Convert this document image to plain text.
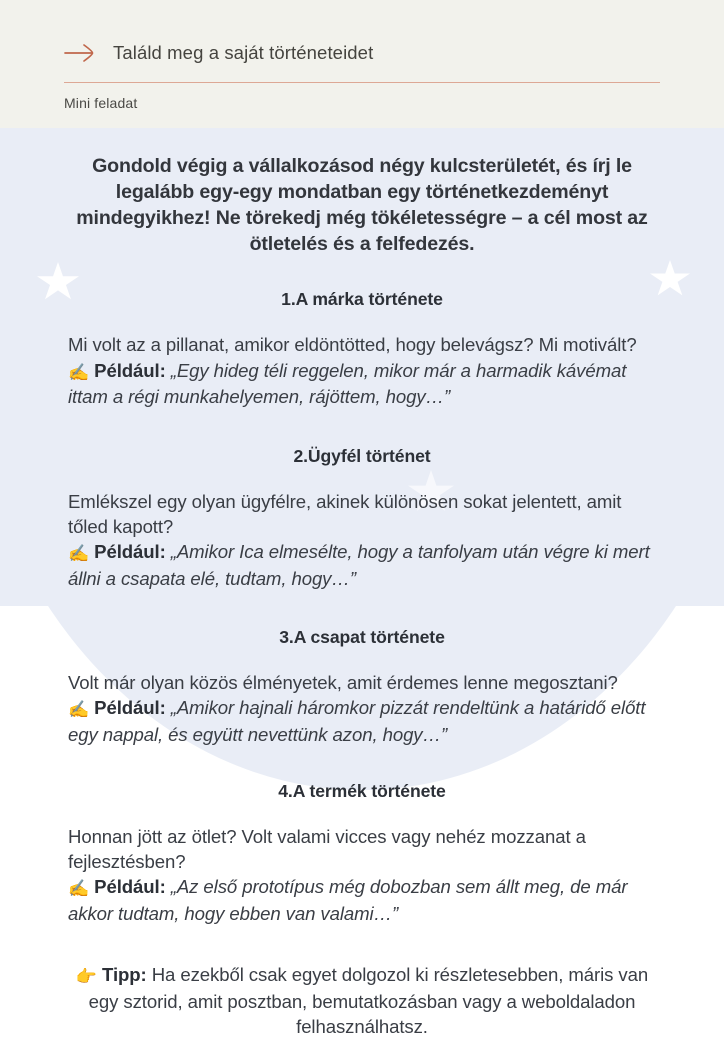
Találd meg a saját történeteidet
Mini feladat

Gondold végig a vállalkozásod négy kulcsterületét, és írj le legalább egy-egy mondatban egy történetkezdeményt mindegyikhez! Ne törekedj még tökéletességre – a cél most az ötletelés és a felfedezés.

1.A márka története
Mi volt az a pillanat, amikor eldöntötted, hogy belevágsz? Mi motivált?
✍️ Például: „Egy hideg téli reggelen, mikor már a harmadik kávémat ittam a régi munkahelyemen, rájöttem, hogy…”
2.Ügyfél történet
Emlékszel egy olyan ügyfélre, akinek különösen sokat jelentett, amit tőled kapott?
✍️ Például: „Amikor Ica elmesélte, hogy a tanfolyam után végre ki mert állni a csapata elé, tudtam, hogy…”
3.A csapat története
Volt már olyan közös élményetek, amit érdemes lenne megosztani?
✍️ Például: „Amikor hajnali háromkor pizzát rendeltünk a határidő előtt egy nappal, és együtt nevettünk azon, hogy…”
4.A termék története
Honnan jött az ötlet? Volt valami vicces vagy nehéz mozzanat a fejlesztésben?
✍️ Például: „Az első prototípus még dobozban sem állt meg, de már akkor tudtam, hogy ebben van valami…”

👉 Tipp: Ha ezekből csak egyet dolgozol ki részletesebben, máris van egy sztorid, amit posztban, bemutatkozásban vagy a weboldaladon felhasználhatsz.
